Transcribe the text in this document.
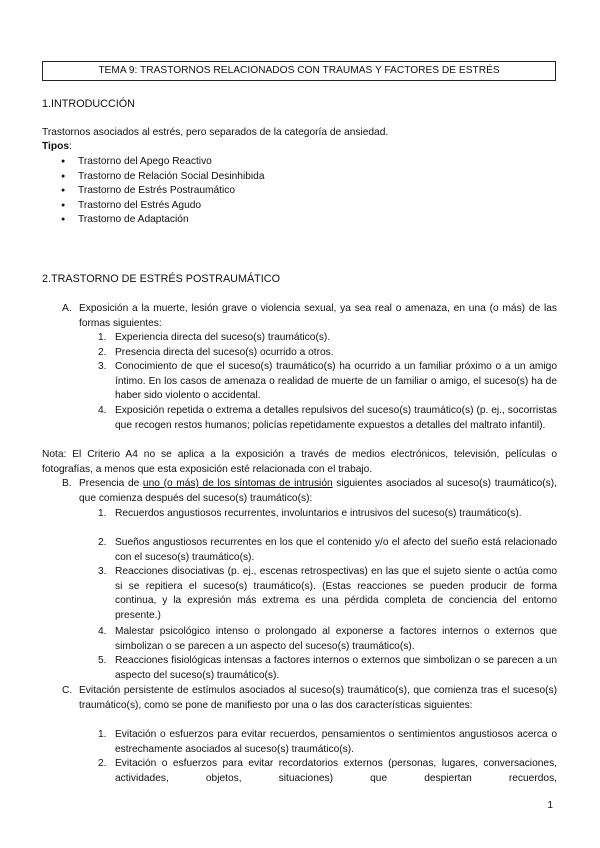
TEMA 9: TRASTORNOS RELACIONADOS CON TRAUMAS Y FACTORES DE ESTRÉS
1.INTRODUCCIÓN
Trastornos asociados al estrés, pero separados de la categoría de ansiedad.
Tipos:
● Trastorno del Apego Reactivo
● Trastorno de Relación Social Desinhibida
● Trastorno de Estrés Postraumático
● Trastorno del Estrés Agudo
● Trastorno de Adaptación
2.TRASTORNO DE ESTRÉS POSTRAUMÁTICO
A. Exposición a la muerte, lesión grave o violencia sexual, ya sea real o amenaza, en una (o más) de las formas siguientes:
1. Experiencia directa del suceso(s) traumático(s).
2. Presencia directa del suceso(s) ocurrido a otros.
3. Conocimiento de que el suceso(s) traumático(s) ha ocurrido a un familiar próximo o a un amigo íntimo. En los casos de amenaza o realidad de muerte de un familiar o amigo, el suceso(s) ha de haber sido violento o accidental.
4. Exposición repetida o extrema a detalles repulsivos del suceso(s) traumático(s) (p. ej., socorristas que recogen restos humanos; policías repetidamente expuestos a detalles del maltrato infantil).
Nota: El Criterio A4 no se aplica a la exposición a través de medios electrónicos, televisión, películas o fotografías, a menos que esta exposición esté relacionada con el trabajo.
B. Presencia de uno (o más) de los síntomas de intrusión siguientes asociados al suceso(s) traumático(s), que comienza después del suceso(s) traumático(s):
1. Recuerdos angustiosos recurrentes, involuntarios e intrusivos del suceso(s) traumático(s).
2. Sueños angustiosos recurrentes en los que el contenido y/o el afecto del sueño está relacionado con el suceso(s) traumático(s).
3. Reacciones disociativas (p. ej., escenas retrospectivas) en las que el sujeto siente o actúa como si se repitiera el suceso(s) traumático(s). (Estas reacciones se pueden producir de forma continua, y la expresión más extrema es una pérdida completa de conciencia del entorno presente.)
4. Malestar psicológico intenso o prolongado al exponerse a factores internos o externos que simbolizan o se parecen a un aspecto del suceso(s) traumático(s).
5. Reacciones fisiológicas intensas a factores internos o externos que simbolizan o se parecen a un aspecto del suceso(s) traumático(s).
C. Evitación persistente de estímulos asociados al suceso(s) traumático(s), que comienza tras el suceso(s) traumático(s), como se pone de manifiesto por una o las dos características siguientes:
1. Evitación o esfuerzos para evitar recuerdos, pensamientos o sentimientos angustiosos acerca o estrechamente asociados al suceso(s) traumático(s).
2. Evitación o esfuerzos para evitar recordatorios externos (personas, lugares, conversaciones, actividades, objetos, situaciones) que despiertan recuerdos,
1
